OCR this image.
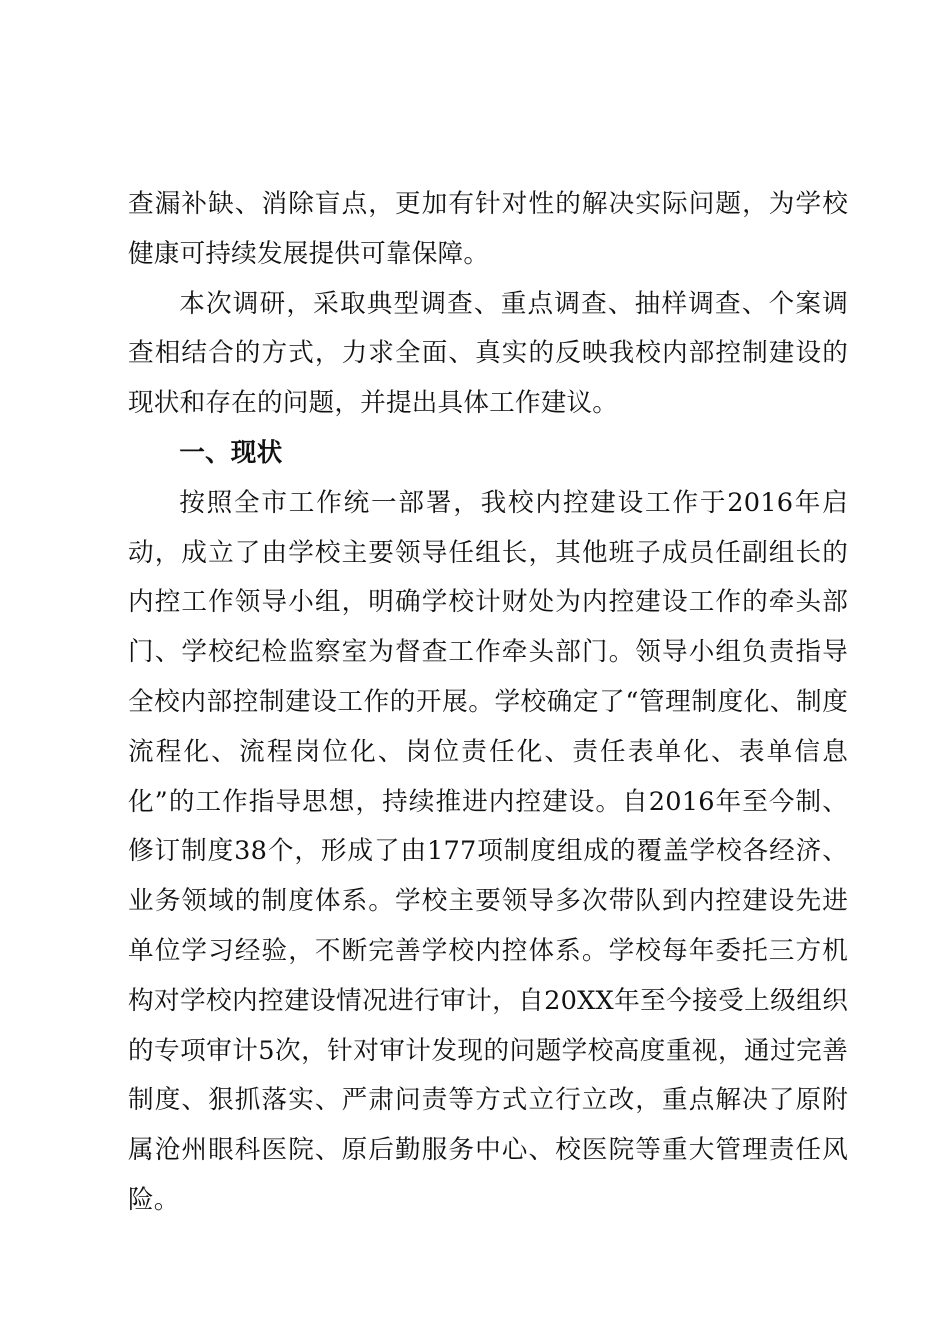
查漏补缺、消除盲点，更加有针对性的解决实际问题，为学校健康可持续发展提供可靠保障。

本次调研，采取典型调查、重点调查、抽样调查、个案调查相结合的方式，力求全面、真实的反映我校内部控制建设的现状和存在的问题，并提出具体工作建议。

一、现状

按照全市工作统一部署，我校内控建设工作于2016年启动，成立了由学校主要领导任组长，其他班子成员任副组长的内控工作领导小组，明确学校计财处为内控建设工作的牵头部门、学校纪检监察室为督查工作牵头部门。领导小组负责指导全校内部控制建设工作的开展。学校确定了“管理制度化、制度流程化、流程岗位化、岗位责任化、责任表单化、表单信息化”的工作指导思想，持续推进内控建设。自2016年至今制、修订制度38个，形成了由177项制度组成的覆盖学校各经济、业务领域的制度体系。学校主要领导多次带队到内控建设先进单位学习经验，不断完善学校内控体系。学校每年委托三方机构对学校内控建设情况进行审计，自20XX年至今接受上级组织的专项审计5次，针对审计发现的问题学校高度重视，通过完善制度、狠抓落实、严肃问责等方式立行立改，重点解决了原附属沧州眼科医院、原后勤服务中心、校医院等重大管理责任风险。
